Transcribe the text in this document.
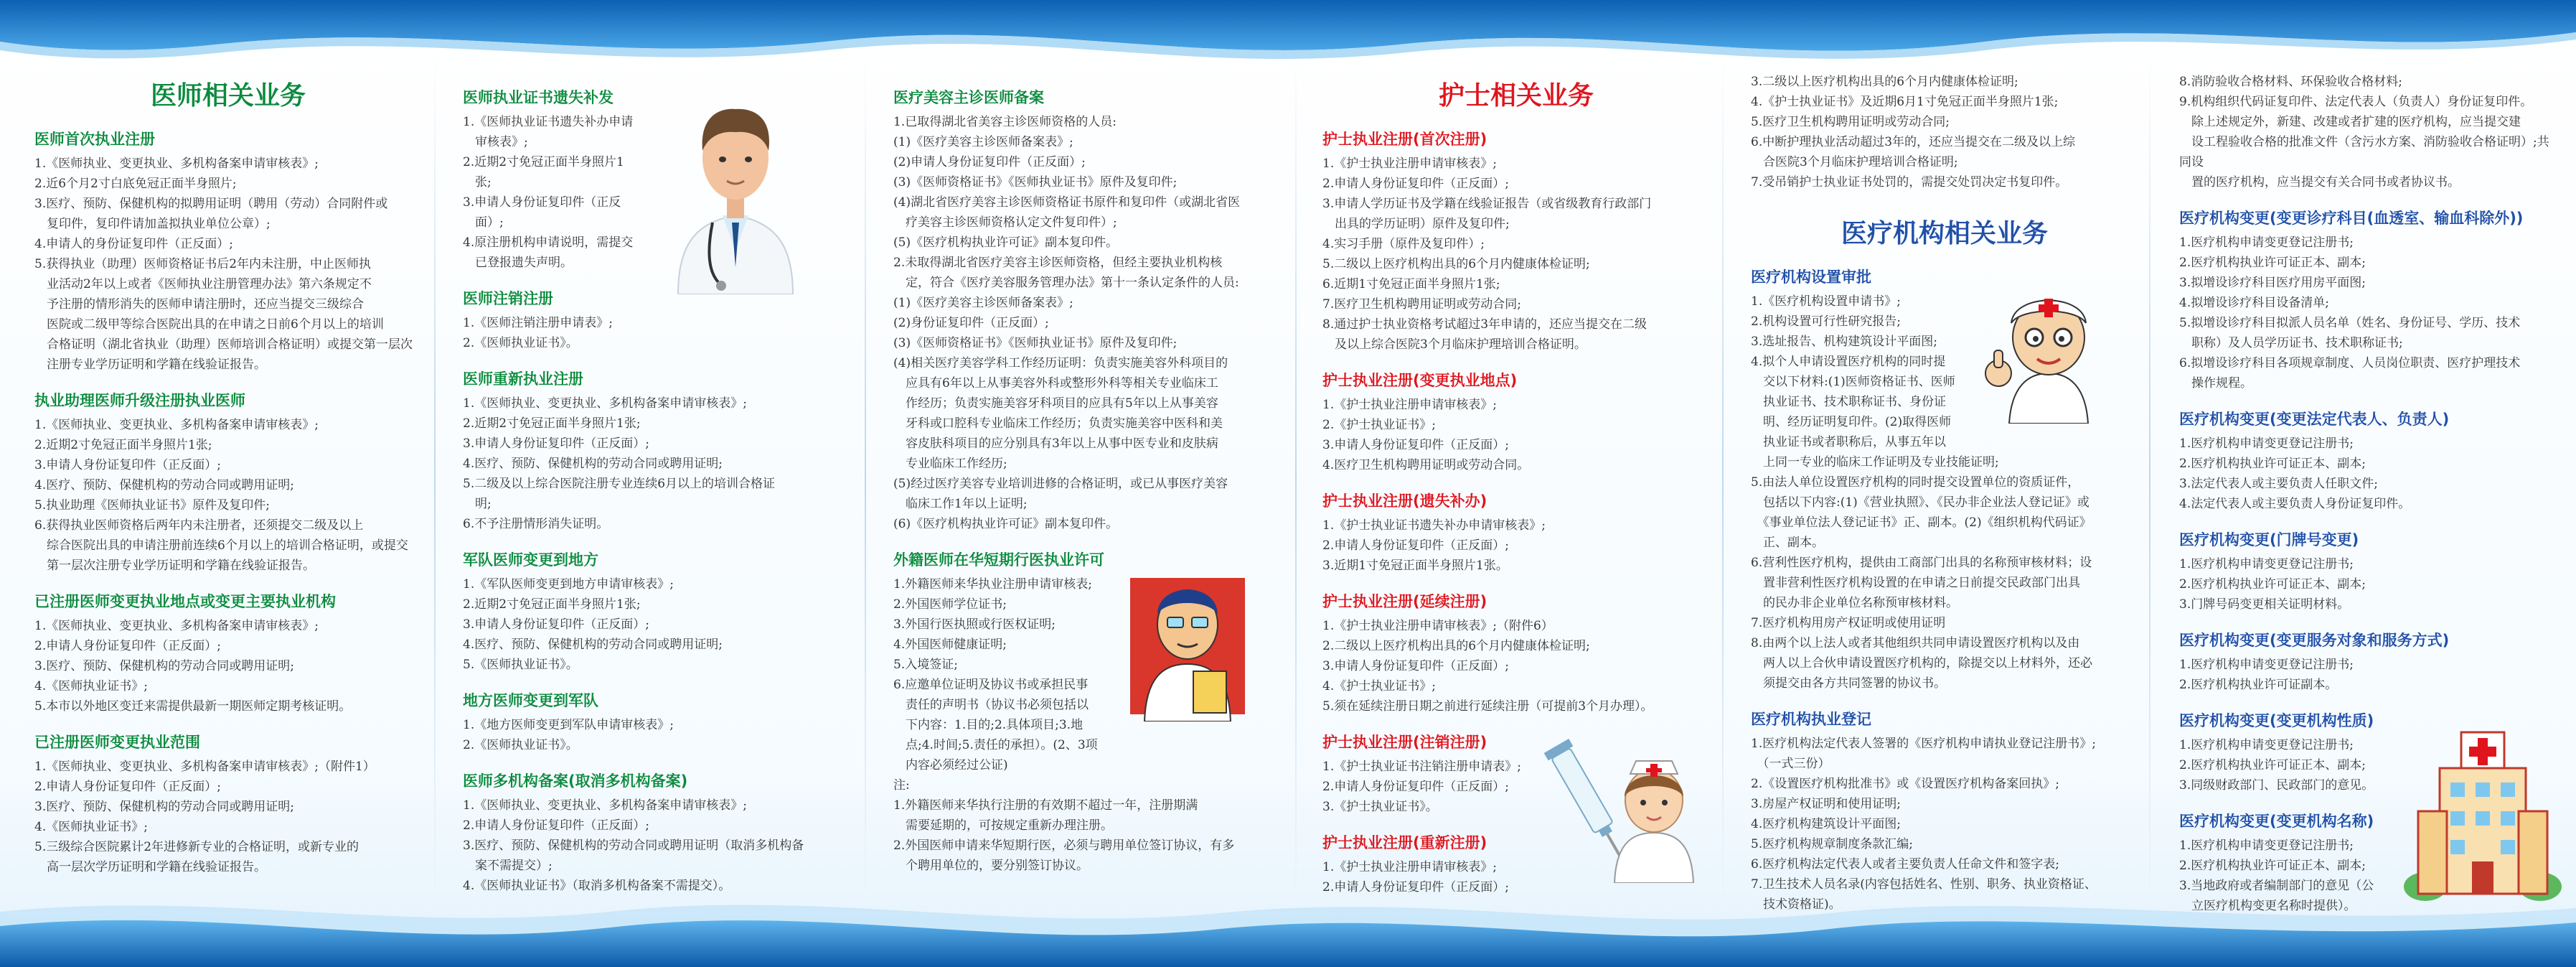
医师相关业务
医师首次执业注册

1.《医师执业、变更执业、多机构备案申请审核表》;

2.近6个月2寸白底免冠正面半身照片;

3.医疗、预防、保健机构的拟聘用证明（聘用（劳动）合同附件或

　复印件，复印件请加盖拟执业单位公章）;

4.申请人的身份证复印件（正反面）;

5.获得执业（助理）医师资格证书后2年内未注册，中止医师执

　业活动2年以上或者《医师执业注册管理办法》第六条规定不

　予注册的情形消失的医师申请注册时，还应当提交三级综合

　医院或二级甲等综合医院出具的在申请之日前6个月以上的培训

　合格证明（湖北省执业（助理）医师培训合格证明）或提交第一层次

　注册专业学历证明和学籍在线验证报告。

执业助理医师升级注册执业医师

1.《医师执业、变更执业、多机构备案申请审核表》;

2.近期2寸免冠正面半身照片1张;

3.申请人身份证复印件（正反面）;

4.医疗、预防、保健机构的劳动合同或聘用证明;

5.执业助理《医师执业证书》原件及复印件;

6.获得执业医师资格后两年内未注册者，还须提交二级及以上

　综合医院出具的申请注册前连续6个月以上的培训合格证明，或提交

　第一层次注册专业学历证明和学籍在线验证报告。

已注册医师变更执业地点或变更主要执业机构

1.《医师执业、变更执业、多机构备案申请审核表》;

2.申请人身份证复印件（正反面）;

3.医疗、预防、保健机构的劳动合同或聘用证明;

4.《医师执业证书》;

5.本市以外地区变迁来需提供最新一期医师定期考核证明。

已注册医师变更执业范围

1.《医师执业、变更执业、多机构备案申请审核表》;（附件1）

2.申请人身份证复印件（正反面）;

3.医疗、预防、保健机构的劳动合同或聘用证明;

4.《医师执业证书》;

5.三级综合医院累计2年进修新专业的合格证明，或新专业的

　高一层次学历证明和学籍在线验证报告。

医师执业证书遗失补发

1.《医师执业证书遗失补办申请

　审核表》;

2.近期2寸免冠正面半身照片1

　张;

3.申请人身份证复印件（正反

　面）;

4.原注册机构申请说明，需提交

　已登报遗失声明。

医师注销注册

1.《医师注销注册申请表》;

2.《医师执业证书》。

医师重新执业注册

1.《医师执业、变更执业、多机构备案申请审核表》;

2.近期2寸免冠正面半身照片1张;

3.申请人身份证复印件（正反面）;

4.医疗、预防、保健机构的劳动合同或聘用证明;

5.二级及以上综合医院注册专业连续6月以上的培训合格证

　明;

6.不予注册情形消失证明。

军队医师变更到地方

1.《军队医师变更到地方申请审核表》;

2.近期2寸免冠正面半身照片1张;

3.申请人身份证复印件（正反面）;

4.医疗、预防、保健机构的劳动合同或聘用证明;

5.《医师执业证书》。

地方医师变更到军队

1.《地方医师变更到军队申请审核表》;

2.《医师执业证书》。

医师多机构备案(取消多机构备案)

1.《医师执业、变更执业、多机构备案申请审核表》;

2.申请人身份证复印件（正反面）;

3.医疗、预防、保健机构的劳动合同或聘用证明（取消多机构备

　案不需提交）;

4.《医师执业证书》（取消多机构备案不需提交）。

医疗美容主诊医师备案

1.已取得湖北省美容主诊医师资格的人员:

(1)《医疗美容主诊医师备案表》;

(2)申请人身份证复印件（正反面）;

(3)《医师资格证书》《医师执业证书》原件及复印件;

(4)湖北省医疗美容主诊医师资格证书原件和复印件（或湖北省医

　疗美容主诊医师资格认定文件复印件）;

(5)《医疗机构执业许可证》副本复印件。

2.未取得湖北省医疗美容主诊医师资格，但经主要执业机构核

　定，符合《医疗美容服务管理办法》第十一条认定条件的人员:

(1)《医疗美容主诊医师备案表》;

(2)身份证复印件（正反面）;

(3)《医师资格证书》《医师执业证书》原件及复印件;

(4)相关医疗美容学科工作经历证明：负责实施美容外科项目的

　应具有6年以上从事美容外科或整形外科等相关专业临床工

　作经历；负责实施美容牙科项目的应具有5年以上从事美容

　牙科或口腔科专业临床工作经历；负责实施美容中医科和美

　容皮肤科项目的应分别具有3年以上从事中医专业和皮肤病

　专业临床工作经历;

(5)经过医疗美容专业培训进修的合格证明，或已从事医疗美容

　临床工作1年以上证明;

(6)《医疗机构执业许可证》副本复印件。

外籍医师在华短期行医执业许可

1.外籍医师来华执业注册申请审核表;

2.外国医师学位证书;

3.外国行医执照或行医权证明;

4.外国医师健康证明;

5.入境签证;

6.应邀单位证明及协议书或承担民事

　责任的声明书（协议书必须包括以

　下内容：1.目的;2.具体项目;3.地

　点;4.时间;5.责任的承担）。(2、3项

　内容必须经过公证)

注:

1.外籍医师来华执行注册的有效期不超过一年，注册期满

　需要延期的，可按规定重新办理注册。

2.外国医师申请来华短期行医，必须与聘用单位签订协议，有多

　个聘用单位的，要分别签订协议。

护士相关业务
护士执业注册(首次注册)

1.《护士执业注册申请审核表》;

2.申请人身份证复印件（正反面）;

3.申请人学历证书及学籍在线验证报告（或省级教育行政部门

　出具的学历证明）原件及复印件;

4.实习手册（原件及复印件）;

5.二级以上医疗机构出具的6个月内健康体检证明;

6.近期1寸免冠正面半身照片1张;

7.医疗卫生机构聘用证明或劳动合同;

8.通过护士执业资格考试超过3年申请的，还应当提交在二级

　及以上综合医院3个月临床护理培训合格证明。

护士执业注册(变更执业地点)

1.《护士执业注册申请审核表》;

2.《护士执业证书》;

3.申请人身份证复印件（正反面）;

4.医疗卫生机构聘用证明或劳动合同。

护士执业注册(遗失补办)

1.《护士执业证书遗失补办申请审核表》;

2.申请人身份证复印件（正反面）;

3.近期1寸免冠正面半身照片1张。

护士执业注册(延续注册)

1.《护士执业注册申请审核表》;（附件6）

2.二级以上医疗机构出具的6个月内健康体检证明;

3.申请人身份证复印件（正反面）;

4.《护士执业证书》;

5.须在延续注册日期之前进行延续注册（可提前3个月办理）。

护士执业注册(注销注册)

1.《护士执业证书注销注册申请表》;

2.申请人身份证复印件（正反面）;

3.《护士执业证书》。

护士执业注册(重新注册)

1.《护士执业注册申请审核表》;

2.申请人身份证复印件（正反面）;

3.二级以上医疗机构出具的6个月内健康体检证明;

4.《护士执业证书》及近期6月1寸免冠正面半身照片1张;

5.医疗卫生机构聘用证明或劳动合同;

6.中断护理执业活动超过3年的，还应当提交在二级及以上综

　合医院3个月临床护理培训合格证明;

7.受吊销护士执业证书处罚的，需提交处罚决定书复印件。

医疗机构相关业务
医疗机构设置审批

1.《医疗机构设置申请书》;

2.机构设置可行性研究报告;

3.选址报告、机构建筑设计平面图;

4.拟个人申请设置医疗机构的同时提

　交以下材料:(1)医师资格证书、医师

　执业证书、技术职称证书、身份证

　明、经历证明复印件。(2)取得医师

　执业证书或者职称后，从事五年以

　上同一专业的临床工作证明及专业技能证明;

5.由法人单位设置医疗机构的同时提交设置单位的资质证件，

　包括以下内容:(1)《营业执照》、《民办非企业法人登记证》或

　《事业单位法人登记证书》正、副本。(2)《组织机构代码证》

　正、副本。

6.营利性医疗机构，提供由工商部门出具的名称预审核材料；设

　置非营利性医疗机构设置的在申请之日前提交民政部门出具

　的民办非企业单位名称预审核材料。

7.医疗机构用房产权证明或使用证明

8.由两个以上法人或者其他组织共同申请设置医疗机构以及由

　两人以上合伙申请设置医疗机构的，除提交以上材料外，还必

　须提交由各方共同签署的协议书。

医疗机构执业登记

1.医疗机构法定代表人签署的《医疗机构申请执业登记注册书》;

　（一式三份）

2.《设置医疗机构批准书》或《设置医疗机构备案回执》;

3.房屋产权证明和使用证明;

4.医疗机构建筑设计平面图;

5.医疗机构规章制度条款汇编;

6.医疗机构法定代表人或者主要负责人任命文件和签字表;

7.卫生技术人员名录(内容包括姓名、性别、职务、执业资格证、

　技术资格证)。

8.消防验收合格材料、环保验收合格材料;

9.机构组织代码证复印件、法定代表人（负责人）身份证复印件。

　除上述规定外，新建、改建或者扩建的医疗机构，应当提交建

　设工程验收合格的批准文件（含污水方案、消防验收合格证明）;共同设

　置的医疗机构，应当提交有关合同书或者协议书。

医疗机构变更(变更诊疗科目(血透室、输血科除外))

1.医疗机构申请变更登记注册书;

2.医疗机构执业许可证正本、副本;

3.拟增设诊疗科目医疗用房平面图;

4.拟增设诊疗科目设备清单;

5.拟增设诊疗科目拟派人员名单（姓名、身份证号、学历、技术

　职称）及人员学历证书、技术职称证书;

6.拟增设诊疗科目各项规章制度、人员岗位职责、医疗护理技术

　操作规程。

医疗机构变更(变更法定代表人、负责人)

1.医疗机构申请变更登记注册书;

2.医疗机构执业许可证正本、副本;

3.法定代表人或主要负责人任职文件;

4.法定代表人或主要负责人身份证复印件。

医疗机构变更(门牌号变更)

1.医疗机构申请变更登记注册书;

2.医疗机构执业许可证正本、副本;

3.门牌号码变更相关证明材料。

医疗机构变更(变更服务对象和服务方式)

1.医疗机构申请变更登记注册书;

2.医疗机构执业许可证副本。

医疗机构变更(变更机构性质)

1.医疗机构申请变更登记注册书;

2.医疗机构执业许可证正本、副本;

3.同级财政部门、民政部门的意见。

医疗机构变更(变更机构名称)

1.医疗机构申请变更登记注册书;

2.医疗机构执业许可证正本、副本;

3.当地政府或者编制部门的意见（公

　立医疗机构变更名称时提供）。
